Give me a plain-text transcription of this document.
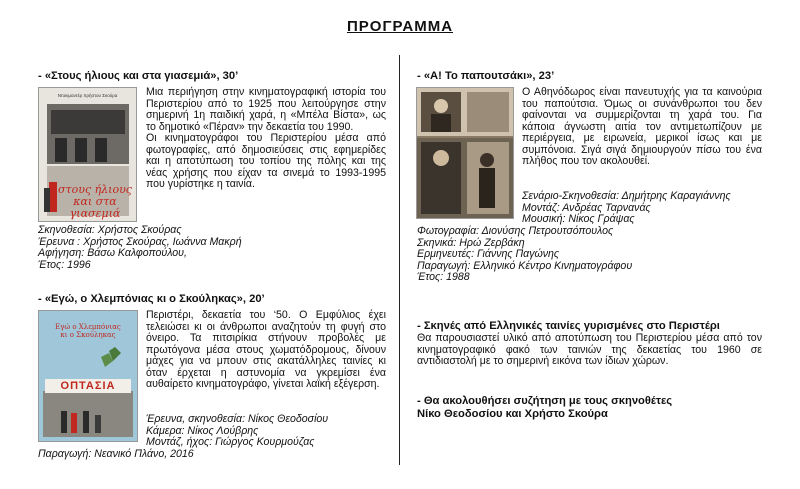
ΠΡΟΓΡΑΜΜΑ
- «Στους ήλιους και στα γιασεμιά», 30’
Ντοκιμαντέρ Χρήστου Σκούρα
στους ήλιους
και στα γιασεμιά

Μια περιήγηση στην κινηματογραφική ιστορία του Περιστερίου από το 1925 που λειτούργησε στην σημερινή 1η παιδική χαρά, η «Μπέλα Βίστα», ως το δημοτικό «Πέραν» την δεκαετία του 1990.

Οι κινηματογράφοι του Περιστερίου μέσα από φωτογραφίες, από δημοσιεύσεις στις εφημερίδες και η αποτύπωση του τοπίου της πόλης και της νέας χρήσης που είχαν τα σινεμά το 1993-1995 που γυρίστηκε η ταινία.

Σκηνοθεσία: Χρήστος Σκούρας
Έρευνα : Χρήστος Σκούρας, Ιωάννα Μακρή
Αφήγηση: Βάσω Καλφοπούλου,
Έτος: 1996
- «Εγώ, ο Χλεμπόνιας κι ο Σκούληκας», 20’
Εγώ ο Χλεμπόνιας κι ο Σκούληκας
ΟΠΤΑΣΙΑ

Περιστέρι, δεκαετία του ‘50. Ο Εμφύλιος έχει τελειώσει κι οι άνθρωποι αναζητούν τη φυγή στο όνειρο. Τα πιτσιρίκια στήνουν προβολές με πρωτόγονα μέσα στους χωματόδρομους, δίνουν μάχες για να μπουν στις ακατάλληλες ταινίες κι όταν έρχεται η αστυνομία να γκρεμίσει ένα αυθαίρετο κινηματογράφο, γίνεται λαϊκή εξέγερση.

Έρευνα, σκηνοθεσία: Νίκος Θεοδοσίου
Κάμερα: Νίκος Λούβρης
Μοντάζ, ήχος: Γιώργος Κουρμούζας
Παραγωγή: Νεανικό Πλάνο, 2016
- «Α! Το παπουτσάκι», 23’

Ο Αθηνόδωρος είναι πανευτυχής για τα καινούρια του παπούτσια. Όμως οι συνάνθρωποι του δεν φαίνονται να συμμερίζονται τη χαρά του. Για κάποια άγνωστη αιτία τον αντιμετωπίζουν με περιέργεια, με ειρωνεία, μερικοί ίσως και με συμπόνοια. Σιγά σιγά δημιουργούν πίσω του ένα πλήθος που τον ακολουθεί.

Σενάριο-Σκηνοθεσία: Δημήτρης Καραγιάννης
Μοντάζ: Ανδρέας Ταρνανάς
Μουσική: Νίκος Γράψας
Φωτογραφία: Διονύσης Πετρουτσόπουλος
Σκηνικά: Ηρώ Ζερβάκη
Ερμηνευτές: Γιάννης Παγώνης
Παραγωγή: Ελληνικό Κέντρο Κινηματογράφου
Έτος: 1988
- Σκηνές από Ελληνικές ταινίες γυρισμένες στο Περιστέρι

Θα παρουσιαστεί υλικό από αποτύπωση του Περιστερίου μέσα από τον κινηματογραφικό φακό των ταινιών της δεκαετίας του 1960 σε αντιδιαστολή με το σημερινή εικόνα των ίδιων χώρων.

- Θα ακολουθήσει συζήτηση με τους σκηνοθέτες
Νίκο Θεοδοσίου και Χρήστο Σκούρα
